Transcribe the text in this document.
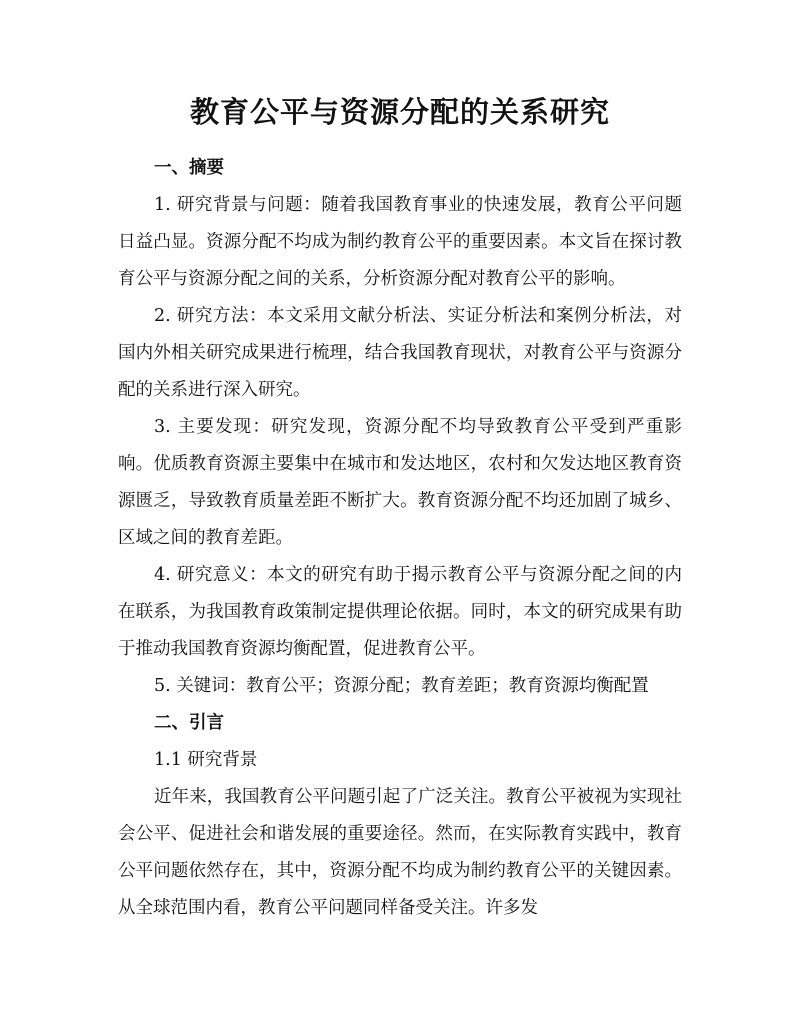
教育公平与资源分配的关系研究
一、摘要

1. 研究背景与问题：随着我国教育事业的快速发展，教育公平问题日益凸显。资源分配不均成为制约教育公平的重要因素。本文旨在探讨教育公平与资源分配之间的关系，分析资源分配对教育公平的影响。

2. 研究方法：本文采用文献分析法、实证分析法和案例分析法，对国内外相关研究成果进行梳理，结合我国教育现状，对教育公平与资源分配的关系进行深入研究。

3. 主要发现：研究发现，资源分配不均导致教育公平受到严重影响。优质教育资源主要集中在城市和发达地区，农村和欠发达地区教育资源匮乏，导致教育质量差距不断扩大。教育资源分配不均还加剧了城乡、区域之间的教育差距。

4. 研究意义：本文的研究有助于揭示教育公平与资源分配之间的内在联系，为我国教育政策制定提供理论依据。同时，本文的研究成果有助于推动我国教育资源均衡配置，促进教育公平。

5. 关键词：教育公平；资源分配；教育差距；教育资源均衡配置

二、引言

1.1 研究背景

近年来，我国教育公平问题引起了广泛关注。教育公平被视为实现社会公平、促进社会和谐发展的重要途径。然而，在实际教育实践中，教育公平问题依然存在，其中，资源分配不均成为制约教育公平的关键因素。从全球范围内看，教育公平问题同样备受关注。许多发
